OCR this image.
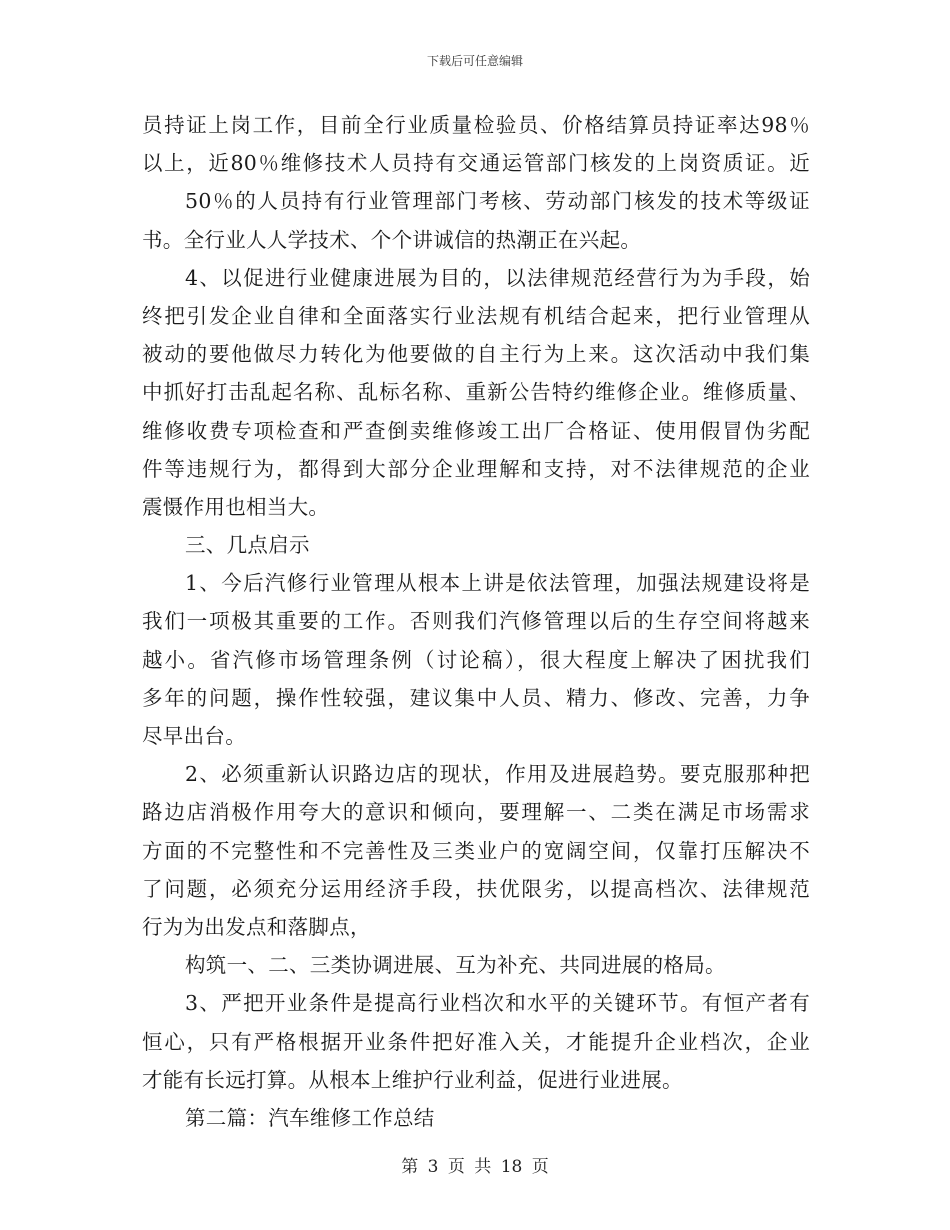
下载后可任意编辑
员持证上岗工作，目前全行业质量检验员、价格结算员持证率达98％
以上，近80％维修技术人员持有交通运管部门核发的上岗资质证。近
50％的人员持有行业管理部门考核、劳动部门核发的技术等级证
书。全行业人人学技术、个个讲诚信的热潮正在兴起。
4、以促进行业健康进展为目的，以法律规范经营行为为手段，始
终把引发企业自律和全面落实行业法规有机结合起来，把行业管理从
被动的要他做尽力转化为他要做的自主行为上来。这次活动中我们集
中抓好打击乱起名称、乱标名称、重新公告特约维修企业。维修质量、
维修收费专项检查和严查倒卖维修竣工出厂合格证、使用假冒伪劣配
件等违规行为，都得到大部分企业理解和支持，对不法律规范的企业
震慑作用也相当大。
三、几点启示
1、今后汽修行业管理从根本上讲是依法管理，加强法规建设将是
我们一项极其重要的工作。否则我们汽修管理以后的生存空间将越来
越小。省汽修市场管理条例（讨论稿），很大程度上解决了困扰我们
多年的问题，操作性较强，建议集中人员、精力、修改、完善，力争
尽早出台。
2、必须重新认识路边店的现状，作用及进展趋势。要克服那种把
路边店消极作用夸大的意识和倾向，要理解一、二类在满足市场需求
方面的不完整性和不完善性及三类业户的宽阔空间，仅靠打压解决不
了问题，必须充分运用经济手段，扶优限劣，以提高档次、法律规范
行为为出发点和落脚点，
构筑一、二、三类协调进展、互为补充、共同进展的格局。
3、严把开业条件是提高行业档次和水平的关键环节。有恒产者有
恒心，只有严格根据开业条件把好准入关，才能提升企业档次，企业
才能有长远打算。从根本上维护行业利益，促进行业进展。
第二篇：汽车维修工作总结
第 3 页 共 18 页
